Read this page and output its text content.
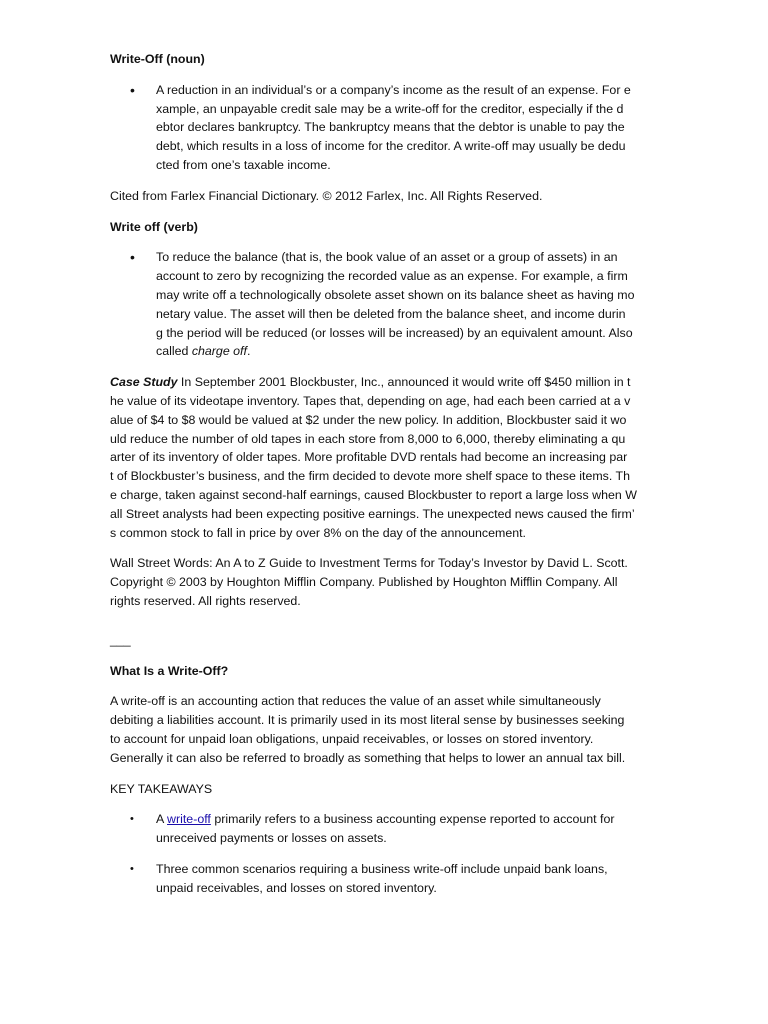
Write-Off (noun)

• A reduction in an individual’s or a company’s income as the result of an expense. For e
xample, an unpayable credit sale may be a write-off for the creditor, especially if the d
ebtor declares bankruptcy. The bankruptcy means that the debtor is unable to pay the
debt, which results in a loss of income for the creditor. A write-off may usually be dedu
cted from one’s taxable income.

Cited from Farlex Financial Dictionary. © 2012 Farlex, Inc. All Rights Reserved.

Write off (verb)

• To reduce the balance (that is, the book value of an asset or a group of assets) in an
account to zero by recognizing the recorded value as an expense. For example, a firm
may write off a technologically obsolete asset shown on its balance sheet as having mo
netary value. The asset will then be deleted from the balance sheet, and income durin
g the period will be reduced (or losses will be increased) by an equivalent amount. Also
called charge off.

Case Study In September 2001 Blockbuster, Inc., announced it would write off $450 million in t
he value of its videotape inventory. Tapes that, depending on age, had each been carried at a v
alue of $4 to $8 would be valued at $2 under the new policy. In addition, Blockbuster said it wo
uld reduce the number of old tapes in each store from 8,000 to 6,000, thereby eliminating a qu
arter of its inventory of older tapes. More profitable DVD rentals had become an increasing par
t of Blockbuster’s business, and the firm decided to devote more shelf space to these items. Th
e charge, taken against second-half earnings, caused Blockbuster to report a large loss when W
all Street analysts had been expecting positive earnings. The unexpected news caused the firm’
s common stock to fall in price by over 8% on the day of the announcement.

Wall Street Words: An A to Z Guide to Investment Terms for Today’s Investor by David L. Scott.
Copyright © 2003 by Houghton Mifflin Company. Published by Houghton Mifflin Company. All
rights reserved. All rights reserved.

___

What Is a Write-Off?

A write-off is an accounting action that reduces the value of an asset while simultaneously
debiting a liabilities account. It is primarily used in its most literal sense by businesses seeking
to account for unpaid loan obligations, unpaid receivables, or losses on stored inventory.
Generally it can also be referred to broadly as something that helps to lower an annual tax bill.

KEY TAKEAWAYS

• A write-off primarily refers to a business accounting expense reported to account for
unreceived payments or losses on assets.
• Three common scenarios requiring a business write-off include unpaid bank loans,
unpaid receivables, and losses on stored inventory.
